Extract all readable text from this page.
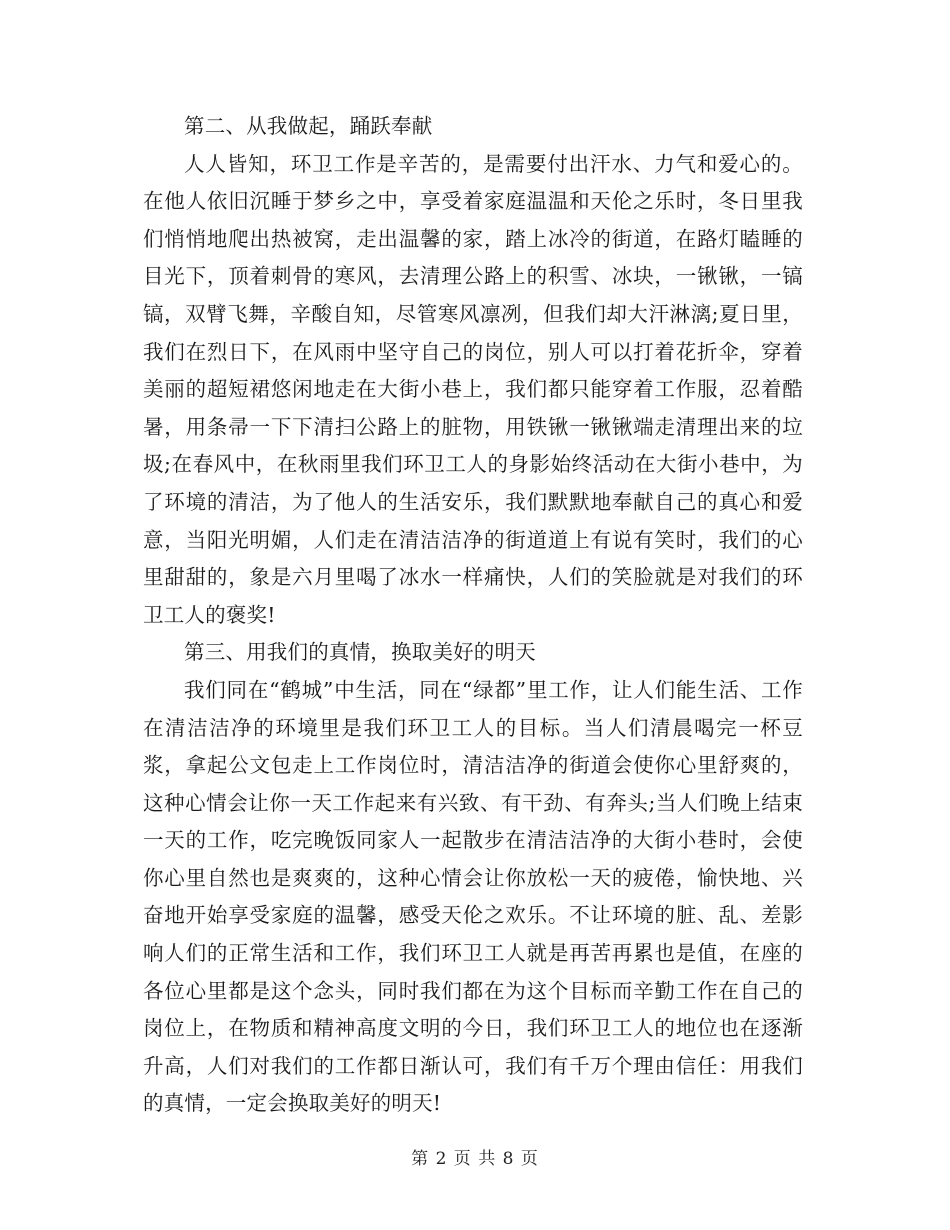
第二、从我做起，踊跃奉献

人人皆知，环卫工作是辛苦的，是需要付出汗水、力气和爱心的。在他人依旧沉睡于梦乡之中，享受着家庭温温和天伦之乐时，冬日里我们悄悄地爬出热被窝，走出温馨的家，踏上冰冷的街道，在路灯瞌睡的目光下，顶着刺骨的寒风，去清理公路上的积雪、冰块，一锹锹，一镐镐，双臂飞舞，辛酸自知，尽管寒风凛冽，但我们却大汗淋漓;夏日里，我们在烈日下，在风雨中坚守自己的岗位，别人可以打着花折伞，穿着美丽的超短裙悠闲地走在大街小巷上，我们都只能穿着工作服，忍着酷暑，用条帚一下下清扫公路上的脏物，用铁锹一锹锹端走清理出来的垃圾;在春风中，在秋雨里我们环卫工人的身影始终活动在大街小巷中，为了环境的清洁，为了他人的生活安乐，我们默默地奉献自己的真心和爱意，当阳光明媚，人们走在清洁洁净的街道道上有说有笑时，我们的心里甜甜的，象是六月里喝了冰水一样痛快，人们的笑脸就是对我们的环卫工人的褒奖!

第三、用我们的真情，换取美好的明天

我们同在“鹤城”中生活，同在“绿都”里工作，让人们能生活、工作在清洁洁净的环境里是我们环卫工人的目标。当人们清晨喝完一杯豆浆，拿起公文包走上工作岗位时，清洁洁净的街道会使你心里舒爽的，这种心情会让你一天工作起来有兴致、有干劲、有奔头;当人们晚上结束一天的工作，吃完晚饭同家人一起散步在清洁洁净的大街小巷时，会使你心里自然也是爽爽的，这种心情会让你放松一天的疲倦，愉快地、兴奋地开始享受家庭的温馨，感受天伦之欢乐。不让环境的脏、乱、差影响人们的正常生活和工作，我们环卫工人就是再苦再累也是值，在座的各位心里都是这个念头，同时我们都在为这个目标而辛勤工作在自己的岗位上，在物质和精神高度文明的今日，我们环卫工人的地位也在逐渐升高，人们对我们的工作都日渐认可，我们有千万个理由信任：用我们的真情，一定会换取美好的明天!

第 2 页 共 8 页
